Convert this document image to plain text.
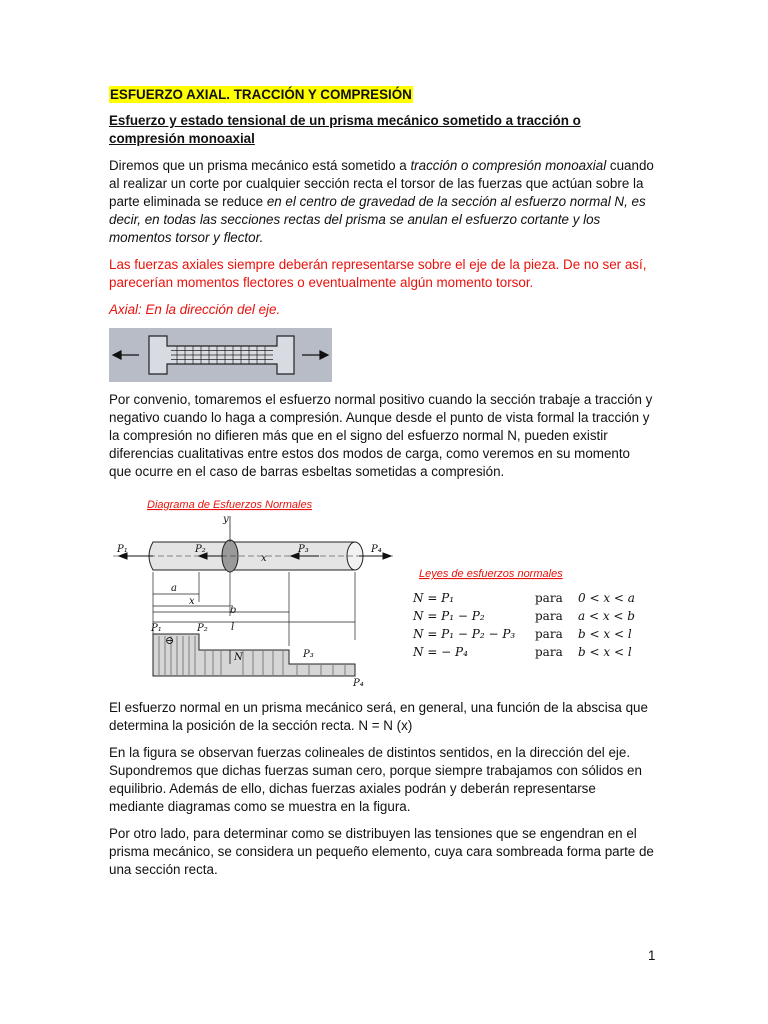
ESFUERZO AXIAL. TRACCIÓN Y COMPRESIÓN

Esfuerzo y estado tensional de un prisma mecánico sometido a tracción o compresión monoaxial

Diremos que un prisma mecánico está sometido a tracción o compresión monoaxial cuando al realizar un corte por cualquier sección recta el torsor de las fuerzas que actúan sobre la parte eliminada se reduce en el centro de gravedad de la sección al esfuerzo normal N, es decir, en todas las secciones rectas del prisma se anulan el esfuerzo cortante y los momentos torsor y flector.

Las fuerzas axiales siempre deberán representarse sobre el eje de la pieza. De no ser así, parecerían momentos flectores o eventualmente algún momento torsor.

Axial: En la dirección del eje.

Por convenio, tomaremos el esfuerzo normal positivo cuando la sección trabaje a tracción y negativo cuando lo haga a compresión. Aunque desde el punto de vista formal la tracción y la compresión no difieren más que en el signo del esfuerzo normal N, pueden existir diferencias cualitativas entre estos dos modos de carga, como veremos en su momento que ocurre en el caso de barras esbeltas sometidas a compresión.

Diagrama de Esfuerzos Normales
P₁	P₂	P₃	P₄
y
x
a
x
b
l
P₁	P₂
N	P₃
P₄
⊖
Leyes de esfuerzos normales
N = P₁	para 0 < x < a
N = P₁ − P₂	para a < x < b
N = P₁ − P₂ − P₃ para b < x < l
N = − P₄	para b < x < l

El esfuerzo normal en un prisma mecánico será, en general, una función de la abscisa que determina la posición de la sección recta. N = N (x)

En la figura se observan fuerzas colineales de distintos sentidos, en la dirección del eje. Supondremos que dichas fuerzas suman cero, porque siempre trabajamos con sólidos en equilibrio. Además de ello, dichas fuerzas axiales podrán y deberán representarse mediante diagramas como se muestra en la figura.

Por otro lado, para determinar como se distribuyen las tensiones que se engendran en el prisma mecánico, se considera un pequeño elemento, cuya cara sombreada forma parte de una sección recta.

1
